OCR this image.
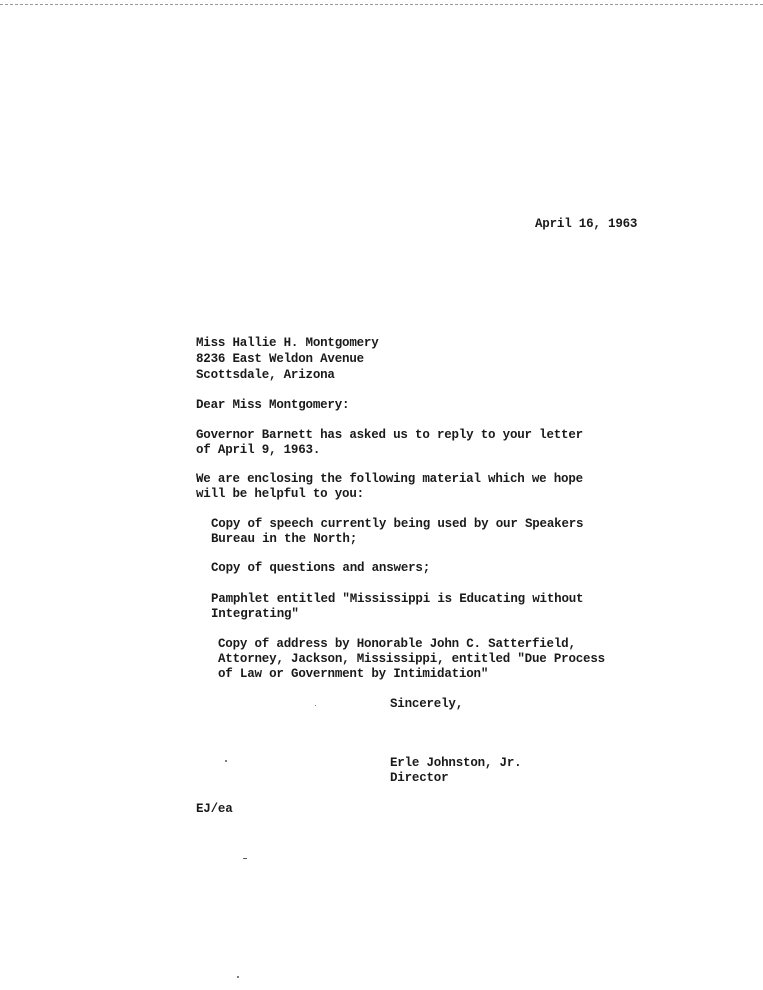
April 16, 1963
Miss Hallie H. Montgomery
8236 East Weldon Avenue
Scottsdale, Arizona
Dear Miss Montgomery:
Governor Barnett has asked us to reply to your letter
of April 9, 1963.
We are enclosing the following material which we hope
will be helpful to you:
Copy of speech currently being used by our Speakers
Bureau in the North;
Copy of questions and answers;
Pamphlet entitled "Mississippi is Educating without
Integrating"
Copy of address by Honorable John C. Satterfield,
Attorney, Jackson, Mississippi, entitled "Due Process
of Law or Government by Intimidation"
Sincerely,
Erle Johnston, Jr.
Director
EJ/ea
